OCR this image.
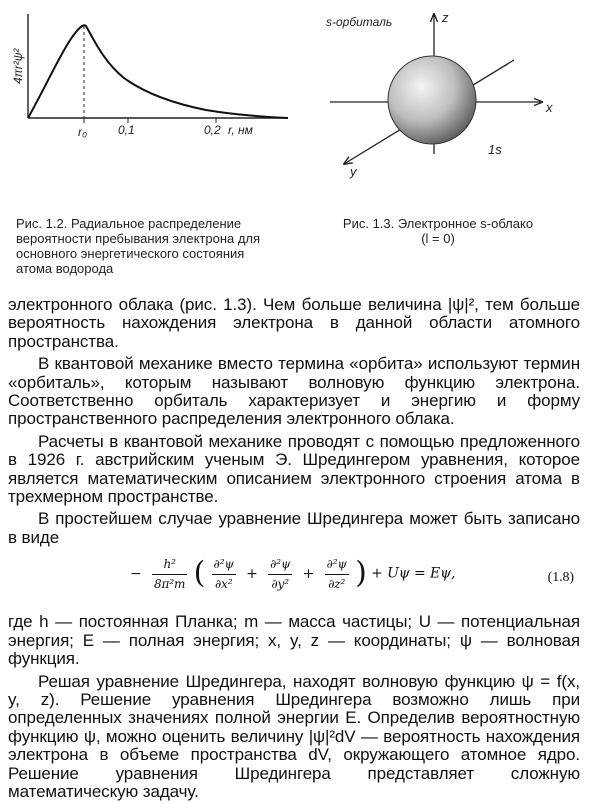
r₀	0,1	0,2 r, нм
4πr²ψ²
s-орбиталь	z
x
y
1s
Рис. 1.2. Радиальное распределение вероятности пребывания электрона для основного энергетического состояния атома водорода
Рис. 1.3. Электронное s-облако
(l = 0)

электронного облака (рис. 1.3). Чем больше величина |ψ|², тем больше вероятность нахождения электрона в данной области атомного пространства.

В квантовой механике вместо термина «орбита» используют термин «орбиталь», которым называют волновую функцию электрона. Соответственно орбиталь характеризует и энергию и форму пространственного распределения электронного облака.

Расчеты в квантовой механике проводят с помощью предложенного в 1926 г. австрийским ученым Э. Шредингером уравнения, которое является математическим описанием электронного строения атома в трехмерном пространстве.

В простейшем случае уравнение Шредингера может быть записано в виде

− $\frac{\text{h²}}{\text{8π²m}}$ ( $\frac{\text{∂²ψ}}{\text{∂x²}} + \frac{\text{∂²ψ}}{\text{∂y²}} + \frac{\text{∂²ψ}}{\text{∂z²}}$ ) + Uψ = Eψ,	(1.8)

где h — постоянная Планка; m — масса частицы; U — потенциальная энергия; E — полная энергия; x, y, z — координаты; ψ — волновая функция.

Решая уравнение Шредингера, находят волновую функцию ψ = f(x, y, z). Решение уравнения Шредингера возможно лишь при определенных значениях полной энергии E. Определив вероятностную функцию ψ, можно оценить величину |ψ|²dV — вероятность нахождения электрона в объеме пространства dV, окружающего атомное ядро. Решение уравнения Шредингера представляет сложную математическую задачу.
